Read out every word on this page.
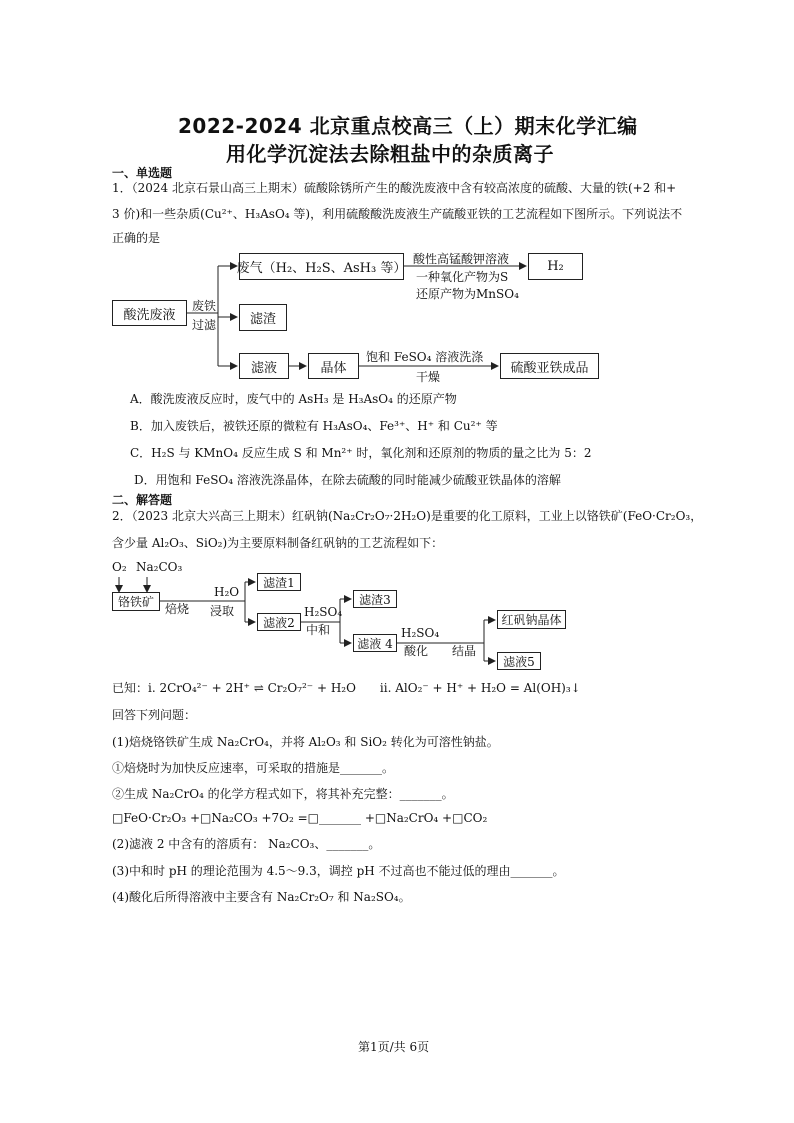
2022-2024 北京重点校高三（上）期末化学汇编
用化学沉淀法去除粗盐中的杂质离子
一、单选题
1．（2024 北京石景山高三上期末）硫酸除锈所产生的酸洗废液中含有较高浓度的硫酸、大量的铁(+2 和+
3 价)和一些杂质(Cu²⁺、H₃AsO₄ 等)，利用硫酸酸洗废液生产硫酸亚铁的工艺流程如下图所示。下列说法不
正确的是
酸洗废液
废气（H₂、H₂S、AsH₃ 等）	H₂
滤渣
滤液	晶体	硫酸亚铁成品
酸性高锰酸钾溶液
一种氧化产物为S
还原产物为MnSO₄
废铁
过滤
饱和 FeSO₄ 溶液洗涤
干燥
A．酸洗废液反应时，废气中的 AsH₃ 是 H₃AsO₄ 的还原产物
B．加入废铁后，被铁还原的微粒有 H₃AsO₄、Fe³⁺、H⁺ 和 Cu²⁺ 等
C．H₂S 与 KMnO₄ 反应生成 S 和 Mn²⁺ 时，氧化剂和还原剂的物质的量之比为 5：2
D．用饱和 FeSO₄ 溶液洗涤晶体，在除去硫酸的同时能减少硫酸亚铁晶体的溶解
二、解答题
2．（2023 北京大兴高三上期末）红矾钠(Na₂Cr₂O₇·2H₂O)是重要的化工原料，工业上以铬铁矿(FeO·Cr₂O₃，
含少量 Al₂O₃、SiO₂)为主要原料制备红矾钠的工艺流程如下：
O₂ Na₂CO₃
铬铁矿 焙烧
H₂O
浸取
滤渣1
滤液2
H₂SO₄
中和
滤渣3
滤液 4
H₂SO₄
酸化 结晶
红矾钠晶体
滤液5
已知：i. 2CrO₄²⁻ + 2H⁺ ⇌ Cr₂O₇²⁻ + H₂O　　ii. AlO₂⁻ + H⁺ + H₂O = Al(OH)₃↓
回答下列问题：
(1)焙烧铬铁矿生成 Na₂CrO₄，并将 Al₂O₃ 和 SiO₂ 转化为可溶性钠盐。
①焙烧时为加快反应速率，可采取的措施是_______。
②生成 Na₂CrO₄ 的化学方程式如下，将其补充完整：_______。
□FeO·Cr₂O₃ +□Na₂CO₃ +7O₂ =□_______ +□Na₂CrO₄ +□CO₂
(2)滤液 2 中含有的溶质有： Na₂CO₃、_______。
(3)中和时 pH 的理论范围为 4.5～9.3，调控 pH 不过高也不能过低的理由_______。
(4)酸化后所得溶液中主要含有 Na₂Cr₂O₇ 和 Na₂SO₄。
第1页/共 6页
